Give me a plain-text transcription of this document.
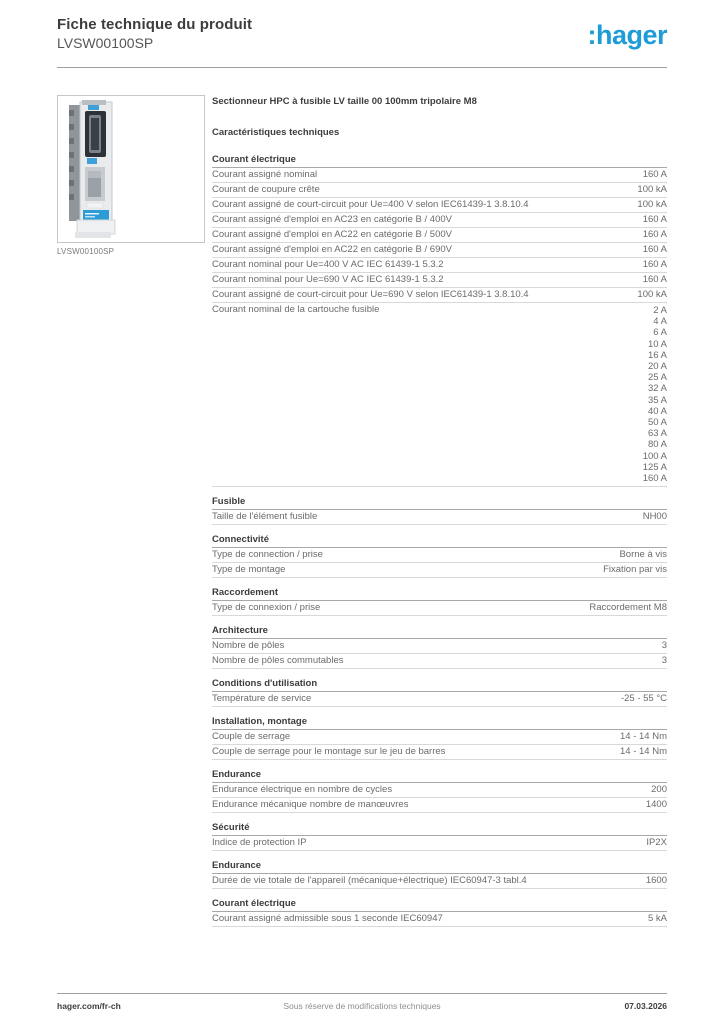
Fiche technique du produit
LVSW00100SP	:hager
LVSW00100SP
Sectionneur HPC à fusible LV taille 00 100mm tripolaire M8
Caractéristiques techniques
Courant électrique
Courant assigné nominal	160 A
Courant de coupure crête	100 kA
Courant assigné de court-circuit pour Ue=400 V selon IEC61439-1 3.8.10.4	100 kA
Courant assigné d'emploi en AC23 en catégorie B / 400V	160 A
Courant assigné d'emploi en AC22 en catégorie B / 500V	160 A
Courant assigné d'emploi en AC22 en catégorie B / 690V	160 A
Courant nominal pour Ue=400 V AC IEC 61439-1 5.3.2	160 A
Courant nominal pour Ue=690 V AC IEC 61439-1 5.3.2	160 A
Courant assigné de court-circuit pour Ue=690 V selon IEC61439-1 3.8.10.4	100 kA
Courant nominal de la cartouche fusible	2 A
4 A
6 A
10 A
16 A
20 A
25 A
32 A
35 A
40 A
50 A
63 A
80 A
100 A
125 A
160 A
Fusible
Taille de l'élément fusible	NH00
Connectivité
Type de connection / prise	Borne à vis
Type de montage	Fixation par vis
Raccordement
Type de connexion / prise	Raccordement M8
Architecture
Nombre de pôles	3
Nombre de pôles commutables	3
Conditions d'utilisation
Température de service	-25 - 55 °C
Installation, montage
Couple de serrage	14 - 14 Nm
Couple de serrage pour le montage sur le jeu de barres	14 - 14 Nm
Endurance
Endurance électrique en nombre de cycles	200
Endurance mécanique nombre de manœuvres	1400
Sécurité
Indice de protection IP	IP2X
Endurance
Durée de vie totale de l'appareil (mécanique+électrique) IEC60947-3 tabl.4	1600
Courant électrique
Courant assigné admissible sous 1 seconde IEC60947	5 kA
hager.com/fr-ch	Sous réserve de modifications techniques	07.03.2026
